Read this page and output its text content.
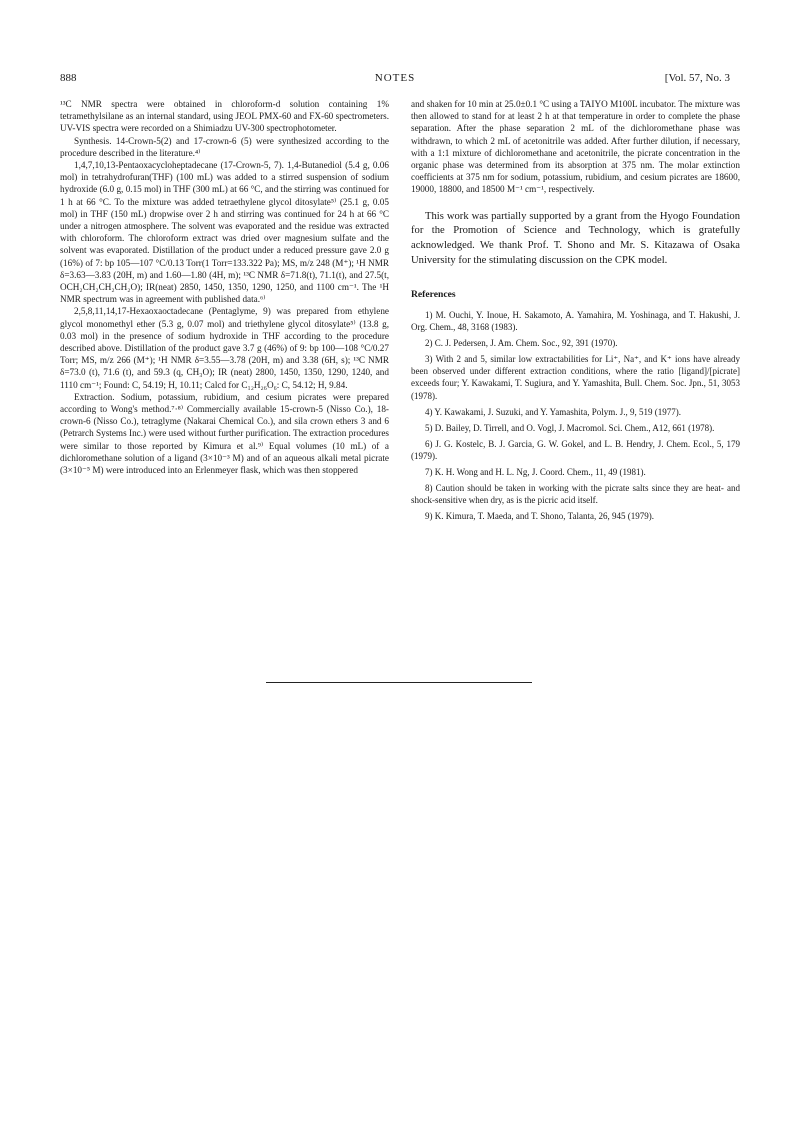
888	NOTES	[Vol. 57, No. 3

¹³C NMR spectra were obtained in chloroform-d solution containing 1% tetramethylsilane as an internal standard, using JEOL PMX-60 and FX-60 spectrometers. UV-VIS spectra were recorded on a Shimiadzu UV-300 spectrophotometer.

Synthesis. 14-Crown-5(2) and 17-crown-6 (5) were synthesized according to the procedure described in the literature.⁴⁾

1,4,7,10,13-Pentaoxacycloheptadecane (17-Crown-5, 7). 1,4-Butanediol (5.4 g, 0.06 mol) in tetrahydrofuran(THF) (100 mL) was added to a stirred suspension of sodium hydroxide (6.0 g, 0.15 mol) in THF (300 mL) at 66 °C, and the stirring was continued for 1 h at 66 °C. To the mixture was added tetraethylene glycol ditosylate⁵⁾ (25.1 g, 0.05 mol) in THF (150 mL) dropwise over 2 h and stirring was continued for 24 h at 66 °C under a nitrogen atmosphere. The solvent was evaporated and the residue was extracted with chloroform. The chloroform extract was dried over magnesium sulfate and the solvent was evaporated. Distillation of the product under a reduced pressure gave 2.0 g (16%) of 7: bp 105—107 °C/0.13 Torr(1 Torr=133.322 Pa); MS, m/z 248 (M⁺); ¹H NMR δ=3.63—3.83 (20H, m) and 1.60—1.80 (4H, m); ¹³C NMR δ=71.8(t), 71.1(t), and 27.5(t, OCH₂CH₂CH₂CH₂O); IR(neat) 2850, 1450, 1350, 1290, 1250, and 1100 cm⁻¹. The ¹H NMR spectrum was in agreement with published data.⁶⁾

2,5,8,11,14,17-Hexaoxaoctadecane (Pentaglyme, 9) was prepared from ethylene glycol monomethyl ether (5.3 g, 0.07 mol) and triethylene glycol ditosylate⁵⁾ (13.8 g, 0.03 mol) in the presence of sodium hydroxide in THF according to the procedure described above. Distillation of the product gave 3.7 g (46%) of 9: bp 100—108 °C/0.27 Torr; MS, m/z 266 (M⁺); ¹H NMR δ=3.55—3.78 (20H, m) and 3.38 (6H, s); ¹³C NMR δ=73.0 (t), 71.6 (t), and 59.3 (q, CH₃O); IR (neat) 2800, 1450, 1350, 1290, 1240, and 1110 cm⁻¹; Found: C, 54.19; H, 10.11; Calcd for C₁₂H₂₆O₆: C, 54.12; H, 9.84.

Extraction. Sodium, potassium, rubidium, and cesium picrates were prepared according to Wong's method.⁷·⁸⁾ Commercially available 15-crown-5 (Nisso Co.), 18-crown-6 (Nisso Co.), tetraglyme (Nakarai Chemical Co.), and sila crown ethers 3 and 6 (Petrarch Systems Inc.) were used without further purification. The extraction procedures were similar to those reported by Kimura et al.⁹⁾ Equal volumes (10 mL) of a dichloromethane solution of a ligand (3×10⁻³ M) and of an aqueous alkali metal picrate (3×10⁻⁵ M) were introduced into an Erlenmeyer flask, which was then stoppered

and shaken for 10 min at 25.0±0.1 °C using a TAIYO M100L incubator. The mixture was then allowed to stand for at least 2 h at that temperature in order to complete the phase separation. After the phase separation 2 mL of the dichloromethane phase was withdrawn, to which 2 mL of acetonitrile was added. After further dilution, if necessary, with a 1:1 mixture of dichloromethane and acetonitrile, the picrate concentration in the organic phase was determined from its absorption at 375 nm. The molar extinction coefficients at 375 nm for sodium, potassium, rubidium, and cesium picrates are 18600, 19000, 18800, and 18500 M⁻¹ cm⁻¹, respectively.

This work was partially supported by a grant from the Hyogo Foundation for the Promotion of Science and Technology, which is gratefully acknowledged. We thank Prof. T. Shono and Mr. S. Kitazawa of Osaka University for the stimulating discussion on the CPK model.

References

1) M. Ouchi, Y. Inoue, H. Sakamoto, A. Yamahira, M. Yoshinaga, and T. Hakushi, J. Org. Chem., 48, 3168 (1983).

2) C. J. Pedersen, J. Am. Chem. Soc., 92, 391 (1970).

3) With 2 and 5, similar low extractabilities for Li⁺, Na⁺, and K⁺ ions have already been observed under different extraction conditions, where the ratio [ligand]/[picrate] exceeds four; Y. Kawakami, T. Sugiura, and Y. Yamashita, Bull. Chem. Soc. Jpn., 51, 3053 (1978).

4) Y. Kawakami, J. Suzuki, and Y. Yamashita, Polym. J., 9, 519 (1977).

5) D. Bailey, D. Tirrell, and O. Vogl, J. Macromol. Sci. Chem., A12, 661 (1978).

6) J. G. Kostelc, B. J. Garcia, G. W. Gokel, and L. B. Hendry, J. Chem. Ecol., 5, 179 (1979).

7) K. H. Wong and H. L. Ng, J. Coord. Chem., 11, 49 (1981).

8) Caution should be taken in working with the picrate salts since they are heat- and shock-sensitive when dry, as is the picric acid itself.

9) K. Kimura, T. Maeda, and T. Shono, Talanta, 26, 945 (1979).
